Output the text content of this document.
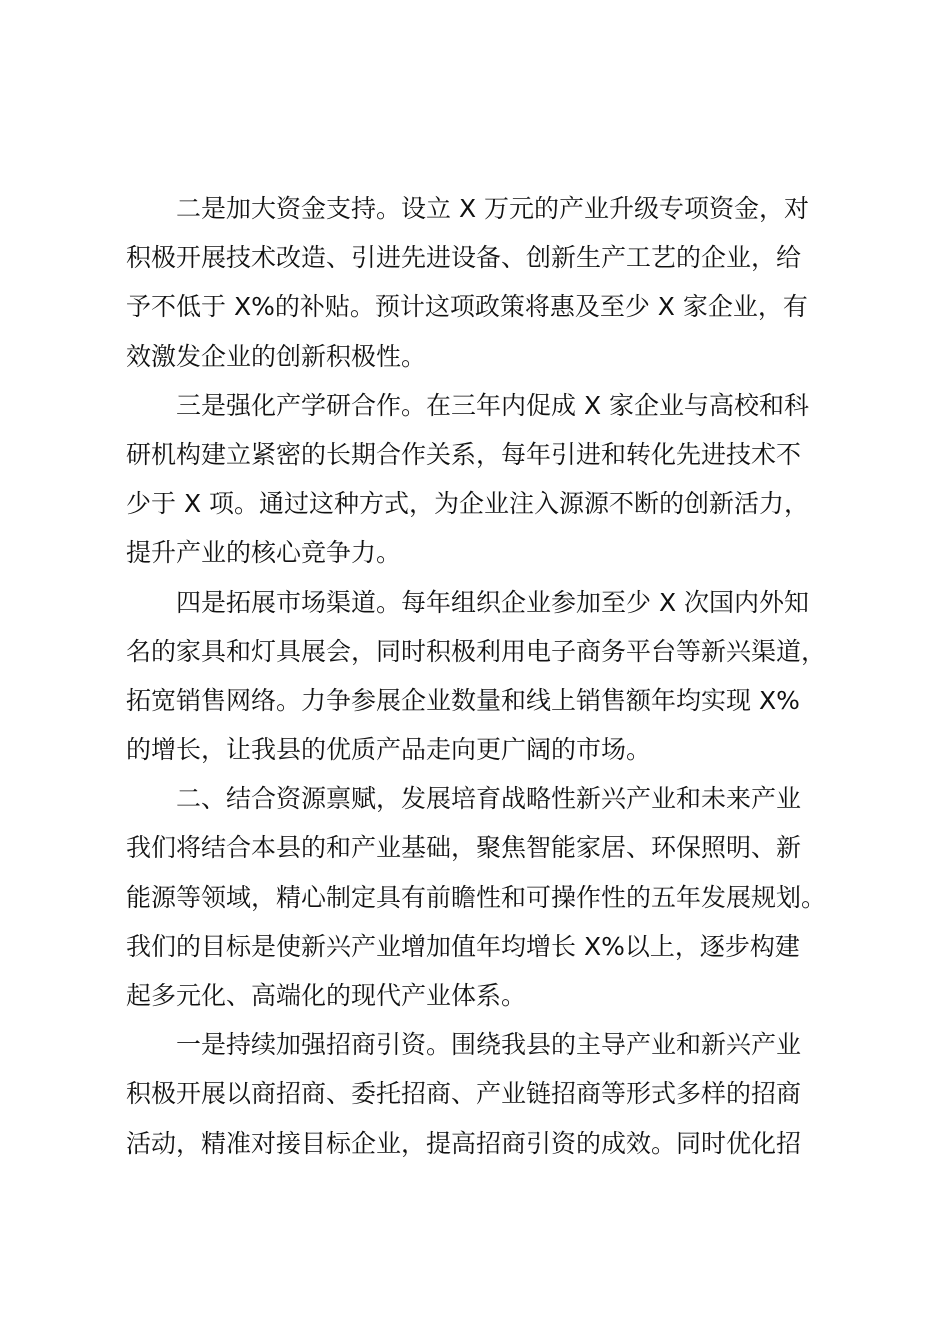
二是加大资金支持。设立 X 万元的产业升级专项资金，对
积极开展技术改造、引进先进设备、创新生产工艺的企业，给
予不低于 X%的补贴。预计这项政策将惠及至少 X 家企业，有
效激发企业的创新积极性。
三是强化产学研合作。在三年内促成 X 家企业与高校和科
研机构建立紧密的长期合作关系，每年引进和转化先进技术不
少于 X 项。通过这种方式，为企业注入源源不断的创新活力，
提升产业的核心竞争力。
四是拓展市场渠道。每年组织企业参加至少 X 次国内外知
名的家具和灯具展会，同时积极利用电子商务平台等新兴渠道，
拓宽销售网络。力争参展企业数量和线上销售额年均实现 X%
的增长，让我县的优质产品走向更广阔的市场。
二、结合资源禀赋，发展培育战略性新兴产业和未来产业
我们将结合本县的和产业基础，聚焦智能家居、环保照明、新
能源等领域，精心制定具有前瞻性和可操作性的五年发展规划。
我们的目标是使新兴产业增加值年均增长 X%以上，逐步构建
起多元化、高端化的现代产业体系。
一是持续加强招商引资。围绕我县的主导产业和新兴产业
积极开展以商招商、委托招商、产业链招商等形式多样的招商
活动，精准对接目标企业，提高招商引资的成效。同时优化招
